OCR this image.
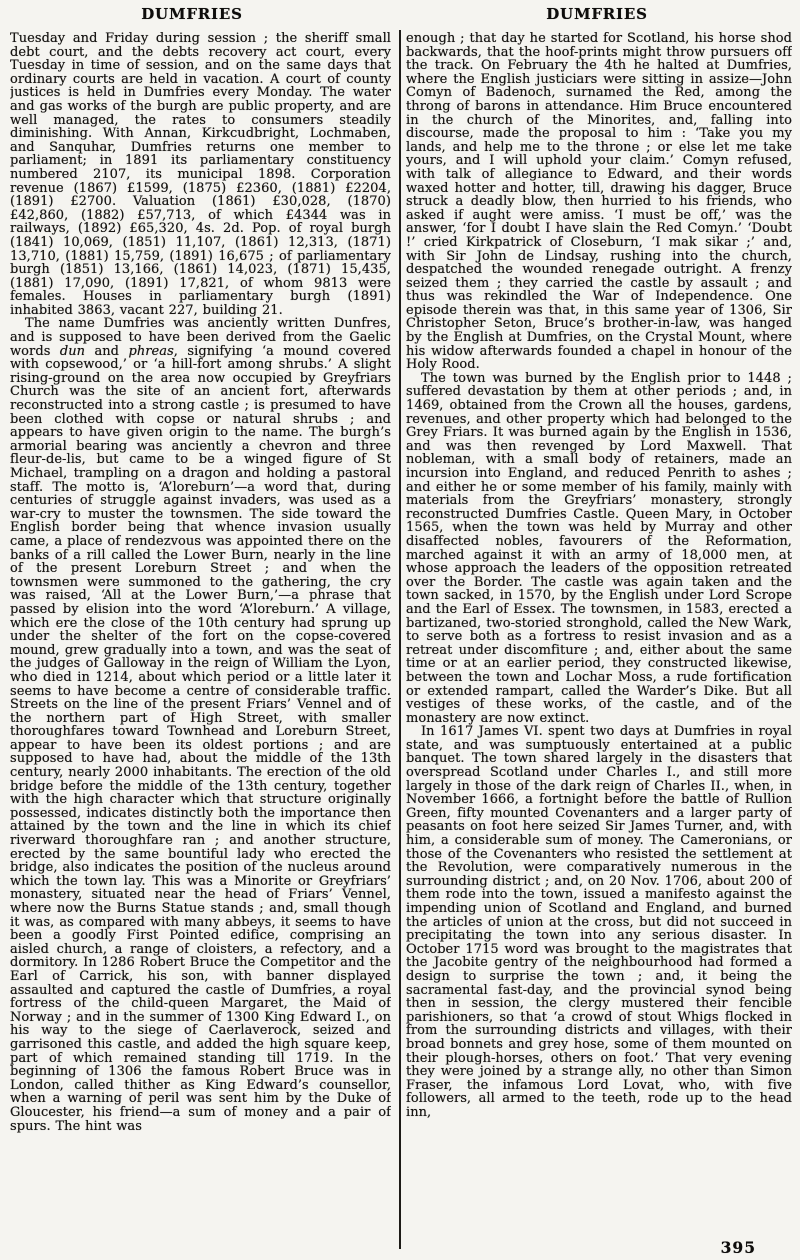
DUMFRIES	DUMFRIES

Tuesday and Friday during session ; the sheriff small debt court, and the debts recovery act court, every Tuesday in time of session, and on the same days that ordinary courts are held in vacation. A court of county justices is held in Dumfries every Monday. The water and gas works of the burgh are public property, and are well managed, the rates to consumers steadily diminishing. With Annan, Kirkcudbright, Lochmaben, and Sanquhar, Dumfries returns one member to parliament; in 1891 its parliamentary constituency numbered 2107, its municipal 1898. Corporation revenue (1867) £1599, (1875) £2360, (1881) £2204, (1891) £2700. Valuation (1861) £30,028, (1870) £42,860, (1882) £57,713, of which £4344 was in railways, (1892) £65,320, 4s. 2d. Pop. of royal burgh (1841) 10,069, (1851) 11,107, (1861) 12,313, (1871) 13,710, (1881) 15,759, (1891) 16,675 ; of parliamentary burgh (1851) 13,166, (1861) 14,023, (1871) 15,435, (1881) 17,090, (1891) 17,821, of whom 9813 were females. Houses in parliamentary burgh (1891) inhabited 3863, vacant 227, building 21.

The name Dumfries was anciently written Dunfres, and is supposed to have been derived from the Gaelic words dun and phreas, signifying ‘a mound covered with copsewood,’ or ‘a hill-fort among shrubs.’ A slight rising-ground on the area now occupied by Greyfriars Church was the site of an ancient fort, afterwards reconstructed into a strong castle ; is presumed to have been clothed with copse or natural shrubs ; and appears to have given origin to the name. The burgh’s armorial bearing was anciently a chevron and three fleur-de-lis, but came to be a winged figure of St Michael, trampling on a dragon and holding a pastoral staff. The motto is, ‘A’loreburn’—a word that, during centuries of struggle against invaders, was used as a war-cry to muster the townsmen. The side toward the English border being that whence invasion usually came, a place of rendezvous was appointed there on the banks of a rill called the Lower Burn, nearly in the line of the present Loreburn Street ; and when the townsmen were summoned to the gathering, the cry was raised, ‘All at the Lower Burn,’—a phrase that passed by elision into the word ‘A’loreburn.’ A village, which ere the close of the 10th century had sprung up under the shelter of the fort on the copse-covered mound, grew gradually into a town, and was the seat of the judges of Galloway in the reign of William the Lyon, who died in 1214, about which period or a little later it seems to have become a centre of considerable traffic. Streets on the line of the present Friars’ Vennel and of the northern part of High Street, with smaller thoroughfares toward Townhead and Loreburn Street, appear to have been its oldest portions ; and are supposed to have had, about the middle of the 13th century, nearly 2000 inhabitants. The erection of the old bridge before the middle of the 13th century, together with the high character which that structure originally possessed, indicates distinctly both the importance then attained by the town and the line in which its chief riverward thoroughfare ran ; and another structure, erected by the same bountiful lady who erected the bridge, also indicates the position of the nucleus around which the town lay. This was a Minorite or Greyfriars’ monastery, situated near the head of Friars’ Vennel, where now the Burns Statue stands ; and, small though it was, as compared with many abbeys, it seems to have been a goodly First Pointed edifice, comprising an aisled church, a range of cloisters, a refectory, and a dormitory. In 1286 Robert Bruce the Competitor and the Earl of Carrick, his son, with banner displayed assaulted and captured the castle of Dumfries, a royal fortress of the child-queen Margaret, the Maid of Norway ; and in the summer of 1300 King Edward I., on his way to the siege of Caerlaverock, seized and garrisoned this castle, and added the high square keep, part of which remained standing till 1719. In the beginning of 1306 the famous Robert Bruce was in London, called thither as King Edward’s counsellor, when a warning of peril was sent him by the Duke of Gloucester, his friend—a sum of money and a pair of spurs. The hint was

enough ; that day he started for Scotland, his horse shod backwards, that the hoof-prints might throw pursuers off the track. On February the 4th he halted at Dumfries, where the English justiciars were sitting in assize—John Comyn of Badenoch, surnamed the Red, among the throng of barons in attendance. Him Bruce encountered in the church of the Minorites, and, falling into discourse, made the proposal to him : ‘Take you my lands, and help me to the throne ; or else let me take yours, and I will uphold your claim.’ Comyn refused, with talk of allegiance to Edward, and their words waxed hotter and hotter, till, drawing his dagger, Bruce struck a deadly blow, then hurried to his friends, who asked if aught were amiss. ‘I must be off,’ was the answer, ‘for I doubt I have slain the Red Comyn.’ ‘Doubt !’ cried Kirkpatrick of Closeburn, ‘I mak sikar ;’ and, with Sir John de Lindsay, rushing into the church, despatched the wounded renegade outright. A frenzy seized them ; they carried the castle by assault ; and thus was rekindled the War of Independence. One episode therein was that, in this same year of 1306, Sir Christopher Seton, Bruce’s brother-in-law, was hanged by the English at Dumfries, on the Crystal Mount, where his widow afterwards founded a chapel in honour of the Holy Rood.

The town was burned by the English prior to 1448 ; suffered devastation by them at other periods ; and, in 1469, obtained from the Crown all the houses, gardens, revenues, and other property which had belonged to the Grey Friars. It was burned again by the English in 1536, and was then revenged by Lord Maxwell. That nobleman, with a small body of retainers, made an incursion into England, and reduced Penrith to ashes ; and either he or some member of his family, mainly with materials from the Greyfriars’ monastery, strongly reconstructed Dumfries Castle. Queen Mary, in October 1565, when the town was held by Murray and other disaffected nobles, favourers of the Reformation, marched against it with an army of 18,000 men, at whose approach the leaders of the opposition retreated over the Border. The castle was again taken and the town sacked, in 1570, by the English under Lord Scrope and the Earl of Essex. The townsmen, in 1583, erected a bartizaned, two-storied stronghold, called the New Wark, to serve both as a fortress to resist invasion and as a retreat under discomfiture ; and, either about the same time or at an earlier period, they constructed likewise, between the town and Lochar Moss, a rude fortification or extended rampart, called the Warder’s Dike. But all vestiges of these works, of the castle, and of the monastery are now extinct.

In 1617 James VI. spent two days at Dumfries in royal state, and was sumptuously entertained at a public banquet. The town shared largely in the disasters that overspread Scotland under Charles I., and still more largely in those of the dark reign of Charles II., when, in November 1666, a fortnight before the battle of Rullion Green, fifty mounted Covenanters and a larger party of peasants on foot here seized Sir James Turner, and, with him, a considerable sum of money. The Cameronians, or those of the Covenanters who resisted the settlement at the Revolution, were comparatively numerous in the surrounding district ; and, on 20 Nov. 1706, about 200 of them rode into the town, issued a manifesto against the impending union of Scotland and England, and burned the articles of union at the cross, but did not succeed in precipitating the town into any serious disaster. In October 1715 word was brought to the magistrates that the Jacobite gentry of the neighbourhood had formed a design to surprise the town ; and, it being the sacramental fast-day, and the provincial synod being then in session, the clergy mustered their fencible parishioners, so that ‘a crowd of stout Whigs flocked in from the surrounding districts and villages, with their broad bonnets and grey hose, some of them mounted on their plough-horses, others on foot.’ That very evening they were joined by a strange ally, no other than Simon Fraser, the infamous Lord Lovat, who, with five followers, all armed to the teeth, rode up to the head inn,

395
